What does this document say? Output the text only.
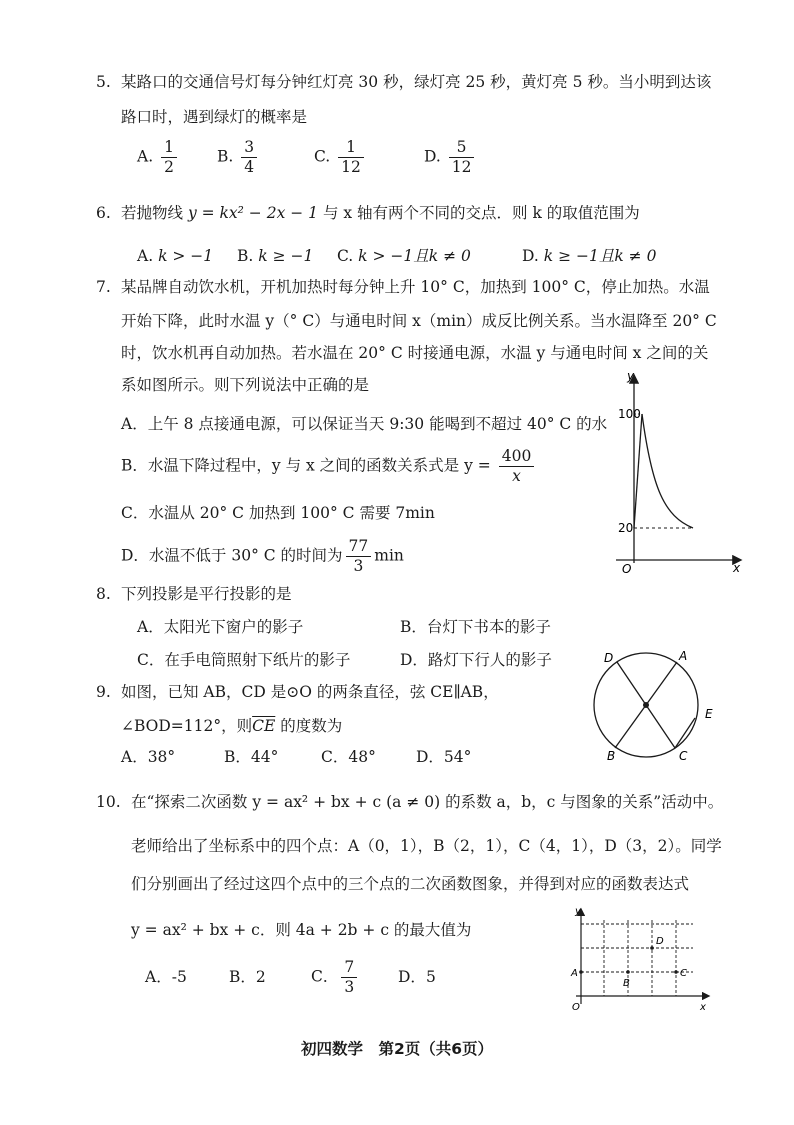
5. 某路口的交通信号灯每分钟红灯亮 30 秒，绿灯亮 25 秒，黄灯亮 5 秒。当小明到达该
路口时，遇到绿灯的概率是
A. $\frac{1}{2}$	B. $\frac{3}{4}$	C. $\frac{1}{12}$	D. $\frac{5}{12}$
6. 若抛物线 y = kx² − 2x − 1 与 x 轴有两个不同的交点．则 k 的取值范围为
A. k > −1 B. k ≥ −1 C. k > −1且k ≠ 0	D. k ≥ −1且k ≠ 0
7. 某品牌自动饮水机，开机加热时每分钟上升 10° C，加热到 100° C，停止加热。水温
开始下降，此时水温 y（° C）与通电时间 x（min）成反比例关系。当水温降至 20° C
时，饮水机再自动加热。若水温在 20° C 时接通电源，水温 y 与通电时间 x 之间的关
系如图所示。则下列说法中正确的是
A．上午 8 点接通电源，可以保证当天 9:30 能喝到不超过 40° C 的水
B．水温下降过程中，y 与 x 之间的函数关系式是 $y = \frac{400}{x}$
C．水温从 20° C 加热到 100° C 需要 7min
D．水温不低于 30° C 的时间为 $\frac{77}{3}$ min
y
x
O
100
20
8. 下列投影是平行投影的是
A．太阳光下窗户的影子	B．台灯下书本的影子
C．在手电筒照射下纸片的影子	D．路灯下行人的影子
9. 如图，已知 AB，CD 是⊙O 的两条直径，弦 CE∥AB，
∠BOD=112°，则$\overline{CE}$ 的度数为
A．38°	B．44°	C．48°	D．54°
D	A
E
B	C
10. 在“探索二次函数 y = ax² + bx + c (a ≠ 0) 的系数 a，b，c 与图象的关系”活动中。
老师给出了坐标系中的四个点：A（0，1），B（2，1），C（4，1），D（3，2）。同学
们分别画出了经过这四个点中的三个点的二次函数图象，并得到对应的函数表达式
y = ax² + bx + c．则 4a + 2b + c 的最大值为
A．-5	B．2	C． $\frac{7}{3}$	D．5
y
x
O
A
B
C
D
初四数学　第2页（共6页）
